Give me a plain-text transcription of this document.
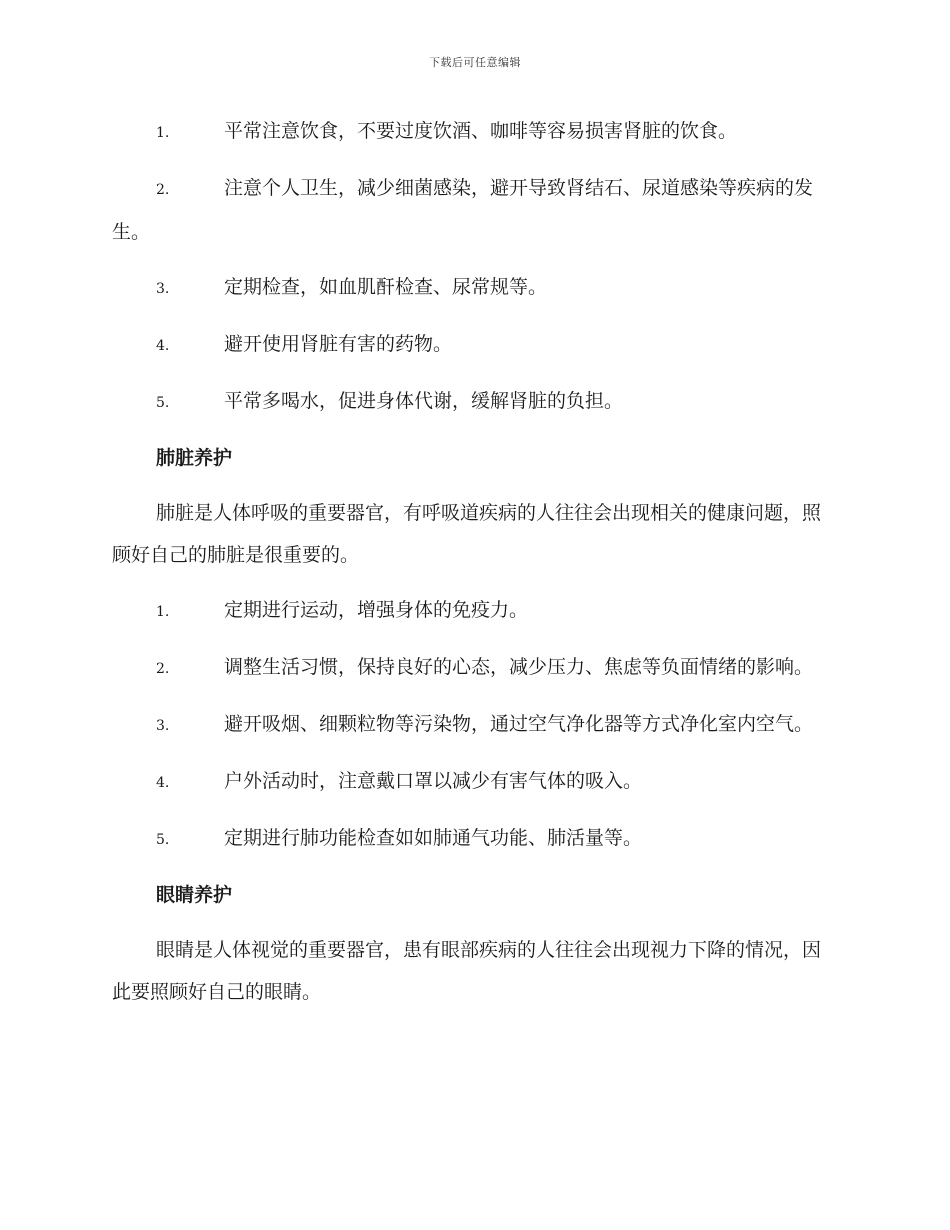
下载后可任意编辑
1.	平常注意饮食，不要过度饮酒、咖啡等容易损害肾脏的饮食。
2.	注意个人卫生，减少细菌感染，避开导致肾结石、尿道感染等疾病的发生。
3.	定期检查，如血肌酐检查、尿常规等。
4.	避开使用肾脏有害的药物。
5.	平常多喝水，促进身体代谢，缓解肾脏的负担。
肺脏养护
肺脏是人体呼吸的重要器官，有呼吸道疾病的人往往会出现相关的健康问题，照顾好自己的肺脏是很重要的。
1.	定期进行运动，增强身体的免疫力。
2.	调整生活习惯，保持良好的心态，减少压力、焦虑等负面情绪的影响。
3.	避开吸烟、细颗粒物等污染物，通过空气净化器等方式净化室内空气。
4.	户外活动时，注意戴口罩以减少有害气体的吸入。
5.	定期进行肺功能检查如如肺通气功能、肺活量等。
眼睛养护
眼睛是人体视觉的重要器官，患有眼部疾病的人往往会出现视力下降的情况，因此要照顾好自己的眼睛。
